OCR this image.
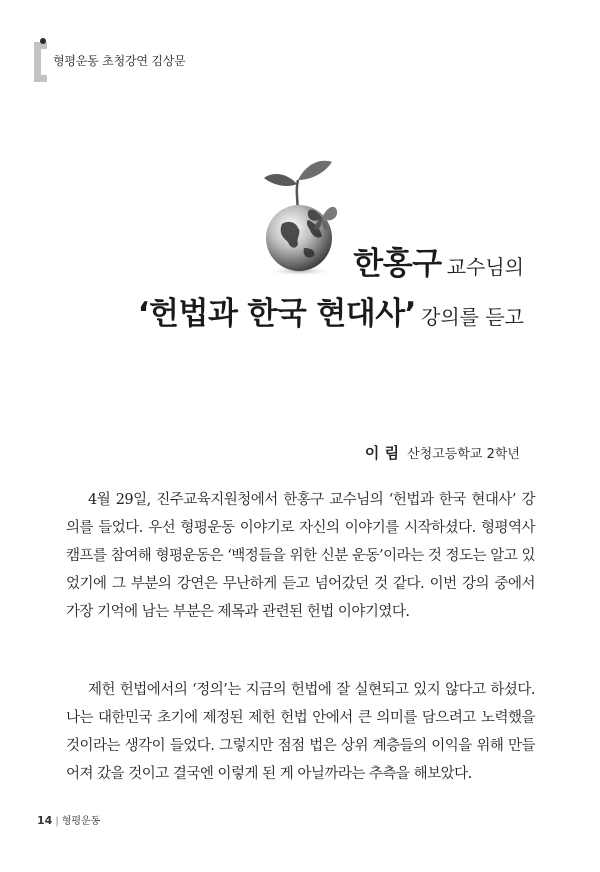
형평운동 초청강연 김상문
한홍구 교수님의
‘헌법과 한국 현대사’ 강의를 듣고
이 림 산청고등학교 2학년

4월 29일, 진주교육지원청에서 한홍구 교수님의 ‘헌법과 한국 현대사’ 강의를 들었다. 우선 형평운동 이야기로 자신의 이야기를 시작하셨다. 형평역사 캠프를 참여해 형평운동은 ‘백정들을 위한 신분 운동’이라는 것 정도는 알고 있었기에 그 부분의 강연은 무난하게 듣고 넘어갔던 것 같다. 이번 강의 중에서 가장 기억에 남는 부분은 제목과 관련된 헌법 이야기였다.

제헌 헌법에서의 ‘정의’는 지금의 헌법에 잘 실현되고 있지 않다고 하셨다. 나는 대한민국 초기에 제정된 제헌 헌법 안에서 큰 의미를 담으려고 노력했을 것이라는 생각이 들었다. 그렇지만 점점 법은 상위 계층들의 이익을 위해 만들어져 갔을 것이고 결국엔 이렇게 된 게 아닐까라는 추측을 해보았다.

14 | 형평운동
